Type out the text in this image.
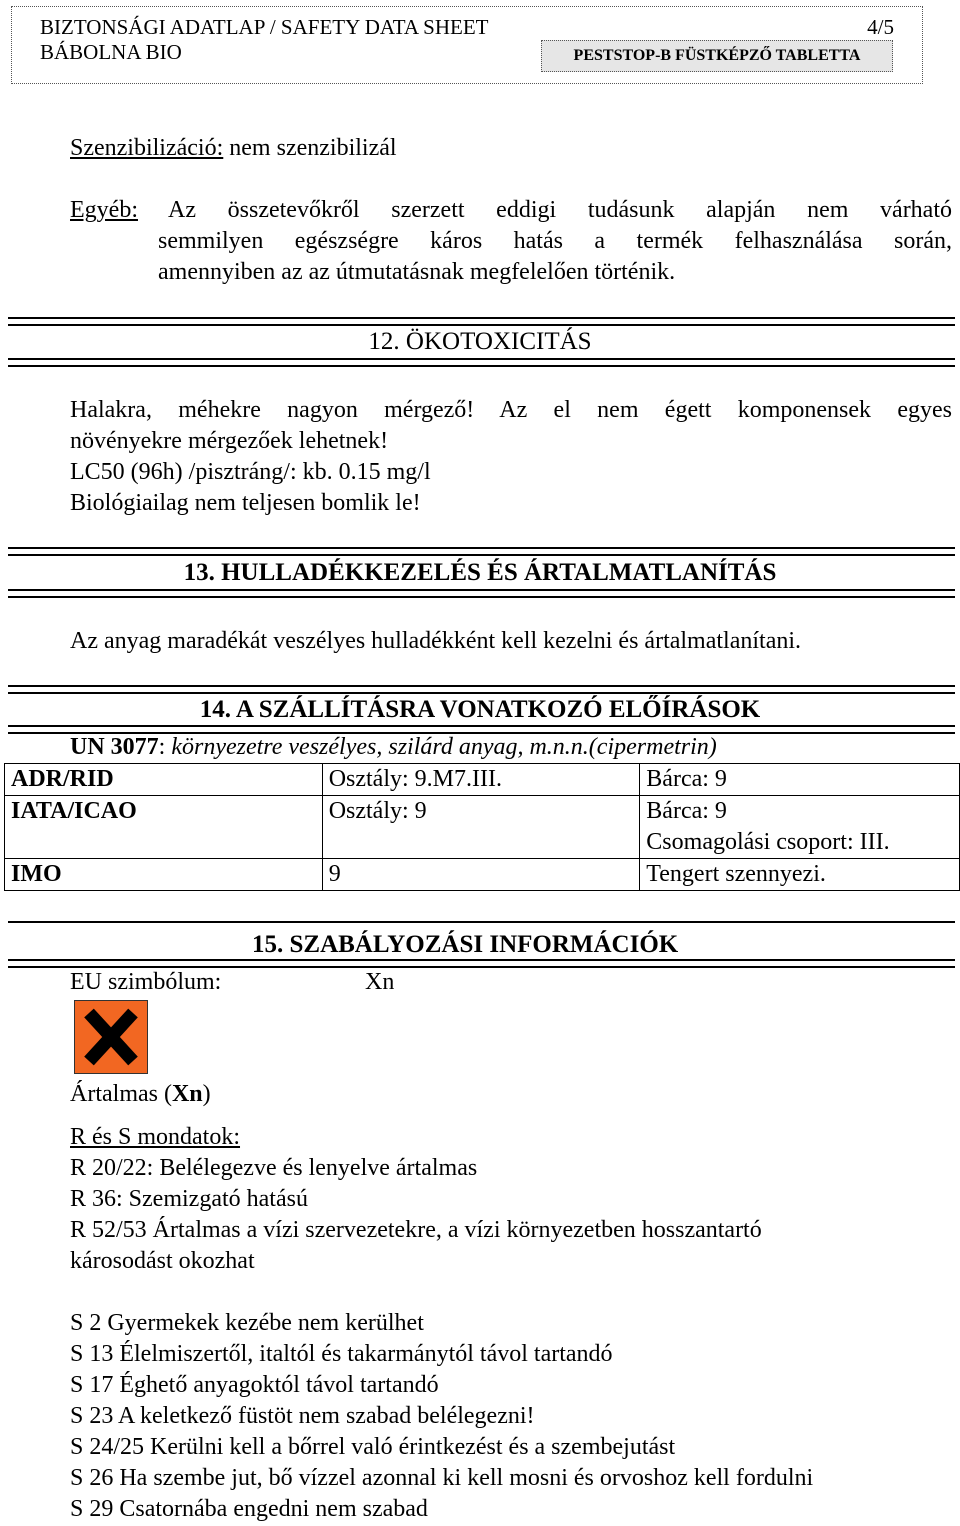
BIZTONSÁGI ADATLAP / SAFETY DATA SHEET
BÁBOLNA BIO
4/5
PESTSTOP-B FÜSTKÉPZŐ TABLETTA
Szenzibilizáció: nem szenzibilizál
Egyéb: Az összetevőkről szerzett eddigi tudásunk alapján nem várható
semmilyen egészségre káros hatás a termék felhasználása során,
amennyiben az az útmutatásnak megfelelően történik.
12. ÖKOTOXICITÁS
Halakra, méhekre nagyon mérgező! Az el nem égett komponensek egyes
növényekre mérgezőek lehetnek!
LC50 (96h) /pisztráng/: kb. 0.15 mg/l
Biológiailag nem teljesen bomlik le!
13. HULLADÉKKEZELÉS ÉS ÁRTALMATLANÍTÁS
Az anyag maradékát veszélyes hulladékként kell kezelni és ártalmatlanítani.
14. A SZÁLLÍTÁSRA VONATKOZÓ ELŐÍRÁSOK
UN 3077: környezetre veszélyes, szilárd anyag, m.n.n.(cipermetrin)
ADR/RID	Osztály: 9.M7.III.	Bárca: 9
IATA/ICAO	Osztály: 9	Bárca: 9
Csomagolási csoport: III.

IMO	9	Tengert szennyezi.
15. SZABÁLYOZÁSI INFORMÁCIÓK
EU szimbólum:	Xn
Ártalmas (Xn)
R és S mondatok:
R 20/22: Belélegezve és lenyelve ártalmas
R 36: Szemizgató hatású
R 52/53 Ártalmas a vízi szervezetekre, a vízi környezetben hosszantartó
károsodást okozhat
S 2 Gyermekek kezébe nem kerülhet
S 13 Élelmiszertől, italtól és takarmánytól távol tartandó
S 17 Éghető anyagoktól távol tartandó
S 23 A keletkező füstöt nem szabad belélegezni!
S 24/25 Kerülni kell a bőrrel való érintkezést és a szembejutást
S 26 Ha szembe jut, bő vízzel azonnal ki kell mosni és orvoshoz kell fordulni
S 29 Csatornába engedni nem szabad
